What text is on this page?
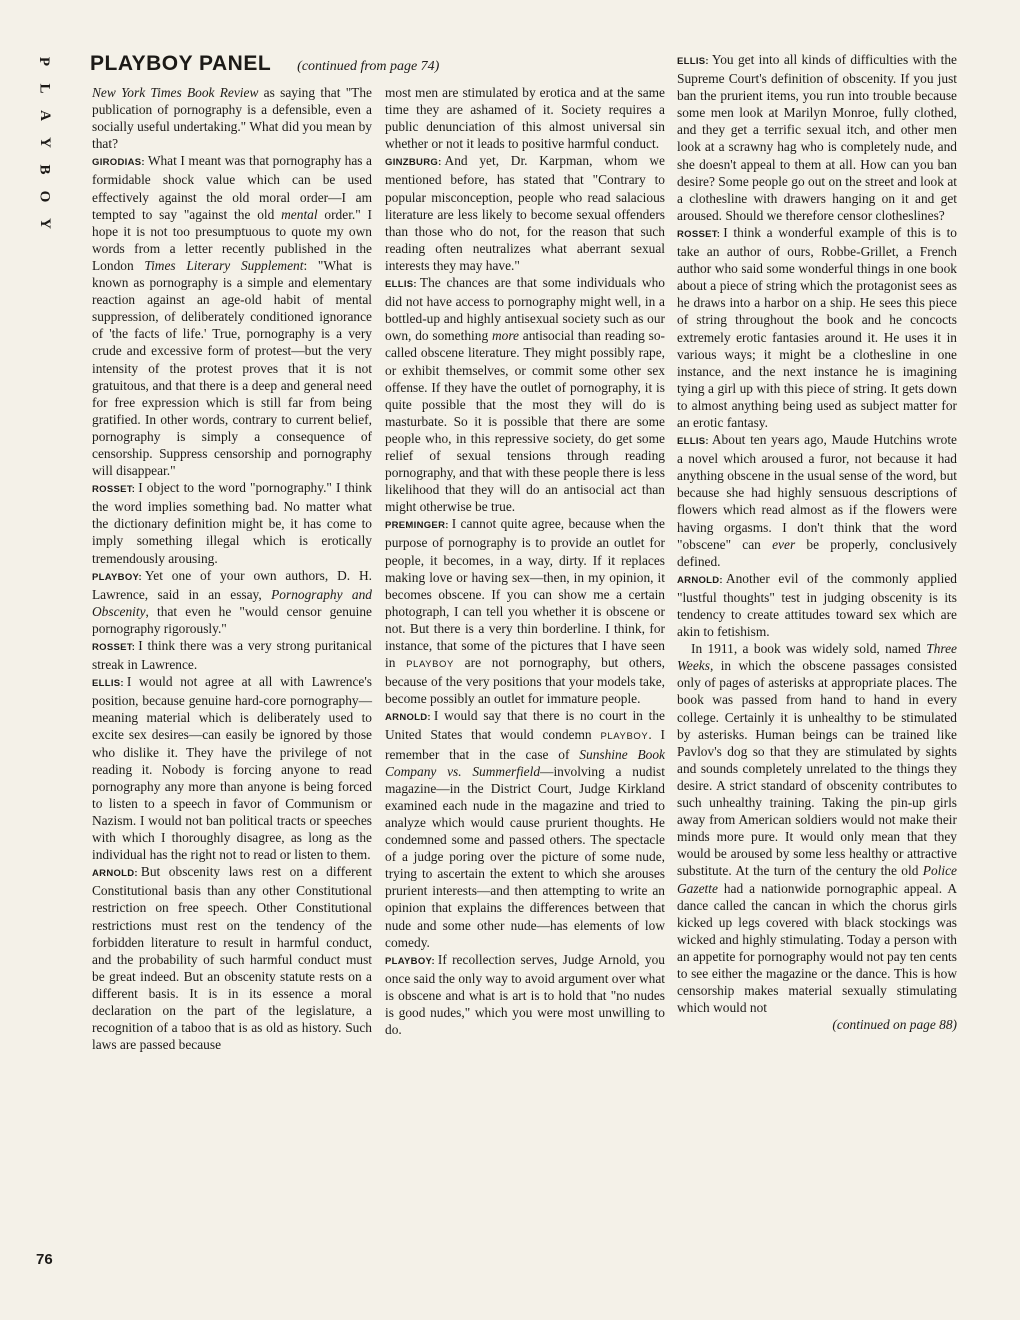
P
L
A
Y
B
O
Y
PLAYBOY PANEL (continued from page 74)

New York Times Book Review as saying that "The publication of pornography is a defensible, even a socially useful undertaking." What did you mean by that?

GIRODIAS: What I meant was that pornography has a formidable shock value which can be used effectively against the old moral order—I am tempted to say "against the old mental order." I hope it is not too presumptuous to quote my own words from a letter recently published in the London Times Literary Supplement: "What is known as pornography is a simple and elementary reaction against an age-old habit of mental suppression, of deliberately conditioned ignorance of 'the facts of life.' True, pornography is a very crude and excessive form of protest—but the very intensity of the protest proves that it is not gratuitous, and that there is a deep and general need for free expression which is still far from being gratified. In other words, contrary to current belief, pornography is simply a consequence of censorship. Suppress censorship and pornography will disappear."

ROSSET: I object to the word "pornography." I think the word implies something bad. No matter what the dictionary definition might be, it has come to imply something illegal which is erotically tremendously arousing.

PLAYBOY: Yet one of your own authors, D. H. Lawrence, said in an essay, Pornography and Obscenity, that even he "would censor genuine pornography rigorously."

ROSSET: I think there was a very strong puritanical streak in Lawrence.

ELLIS: I would not agree at all with Lawrence's position, because genuine hard-core pornography—meaning material which is deliberately used to excite sex desires—can easily be ignored by those who dislike it. They have the privilege of not reading it. Nobody is forcing anyone to read pornography any more than anyone is being forced to listen to a speech in favor of Communism or Nazism. I would not ban political tracts or speeches with which I thoroughly disagree, as long as the individual has the right not to read or listen to them.

ARNOLD: But obscenity laws rest on a different Constitutional basis than any other Constitutional restriction on free speech. Other Constitutional restrictions must rest on the tendency of the forbidden literature to result in harmful conduct, and the probability of such harmful conduct must be great indeed. But an obscenity statute rests on a different basis. It is in its essence a moral declaration on the part of the legislature, a recognition of a taboo that is as old as history. Such laws are passed because

most men are stimulated by erotica and at the same time they are ashamed of it. Society requires a public denunciation of this almost universal sin whether or not it leads to positive harmful conduct.

GINZBURG: And yet, Dr. Karpman, whom we mentioned before, has stated that "Contrary to popular misconception, people who read salacious literature are less likely to become sexual offenders than those who do not, for the reason that such reading often neutralizes what aberrant sexual interests they may have."

ELLIS: The chances are that some individuals who did not have access to pornography might well, in a bottled-up and highly antisexual society such as our own, do something more antisocial than reading so-called obscene literature. They might possibly rape, or exhibit themselves, or commit some other sex offense. If they have the outlet of pornography, it is quite possible that the most they will do is masturbate. So it is possible that there are some people who, in this repressive society, do get some relief of sexual tensions through reading pornography, and that with these people there is less likelihood that they will do an antisocial act than might otherwise be true.

PREMINGER: I cannot quite agree, because when the purpose of pornography is to provide an outlet for people, it becomes, in a way, dirty. If it replaces making love or having sex—then, in my opinion, it becomes obscene. If you can show me a certain photograph, I can tell you whether it is obscene or not. But there is a very thin borderline. I think, for instance, that some of the pictures that I have seen in PLAYBOY are not pornography, but others, because of the very positions that your models take, become possibly an outlet for immature people.

ARNOLD: I would say that there is no court in the United States that would condemn PLAYBOY. I remember that in the case of Sunshine Book Company vs. Summerfield—involving a nudist magazine—in the District Court, Judge Kirkland examined each nude in the magazine and tried to analyze which would cause prurient thoughts. He condemned some and passed others. The spectacle of a judge poring over the picture of some nude, trying to ascertain the extent to which she arouses prurient interests—and then attempting to write an opinion that explains the differences between that nude and some other nude—has elements of low comedy.

PLAYBOY: If recollection serves, Judge Arnold, you once said the only way to avoid argument over what is obscene and what is art is to hold that "no nudes is good nudes," which you were most unwilling to do.

ELLIS: You get into all kinds of difficulties with the Supreme Court's definition of obscenity. If you just ban the prurient items, you run into trouble because some men look at Marilyn Monroe, fully clothed, and they get a terrific sexual itch, and other men look at a scrawny hag who is completely nude, and she doesn't appeal to them at all. How can you ban desire? Some people go out on the street and look at a clothesline with drawers hanging on it and get aroused. Should we therefore censor clotheslines?

ROSSET: I think a wonderful example of this is to take an author of ours, Robbe-Grillet, a French author who said some wonderful things in one book about a piece of string which the protagonist sees as he draws into a harbor on a ship. He sees this piece of string throughout the book and he concocts extremely erotic fantasies around it. He uses it in various ways; it might be a clothesline in one instance, and the next instance he is imagining tying a girl up with this piece of string. It gets down to almost anything being used as subject matter for an erotic fantasy.

ELLIS: About ten years ago, Maude Hutchins wrote a novel which aroused a furor, not because it had anything obscene in the usual sense of the word, but because she had highly sensuous descriptions of flowers which read almost as if the flowers were having orgasms. I don't think that the word "obscene" can ever be properly, conclusively defined.

ARNOLD: Another evil of the commonly applied "lustful thoughts" test in judging obscenity is its tendency to create attitudes toward sex which are akin to fetishism.

In 1911, a book was widely sold, named Three Weeks, in which the obscene passages consisted only of pages of asterisks at appropriate places. The book was passed from hand to hand in every college. Certainly it is unhealthy to be stimulated by asterisks. Human beings can be trained like Pavlov's dog so that they are stimulated by sights and sounds completely unrelated to the things they desire. A strict standard of obscenity contributes to such unhealthy training. Taking the pin-up girls away from American soldiers would not make their minds more pure. It would only mean that they would be aroused by some less healthy or attractive substitute. At the turn of the century the old Police Gazette had a nationwide pornographic appeal. A dance called the cancan in which the chorus girls kicked up legs covered with black stockings was wicked and highly stimulating. Today a person with an appetite for pornography would not pay ten cents to see either the magazine or the dance. This is how censorship makes material sexually stimulating which would not

(continued on page 88)

76
